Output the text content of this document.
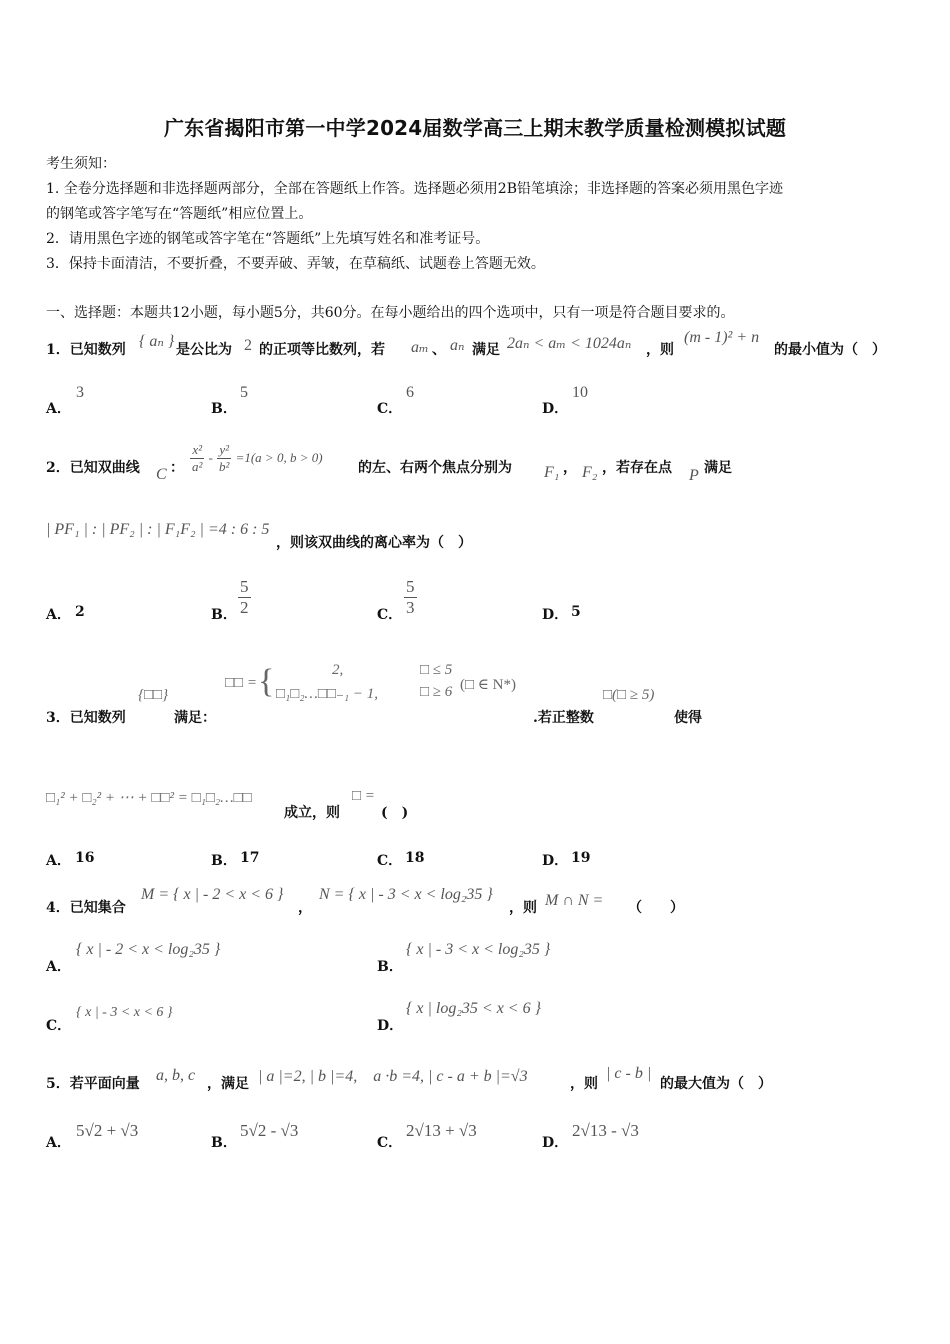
广东省揭阳市第一中学2024届数学高三上期末教学质量检测模拟试题
考生须知：
1. 全卷分选择题和非选择题两部分，全部在答题纸上作答。选择题必须用2B铅笔填涂；非选择题的答案必须用黑色字迹
的钢笔或答字笔写在“答题纸”相应位置上。
2．请用黑色字迹的钢笔或答字笔在“答题纸”上先填写姓名和准考证号。
3．保持卡面清洁，不要折叠，不要弄破、弄皱，在草稿纸、试题卷上答题无效。
一、选择题：本题共12小题，每小题5分，共60分。在每小题给出的四个选项中，只有一项是符合题目要求的。
1．已知数列 { aₙ } 是公比为 2 的正项等比数列，若 aₘ 、 aₙ 满足 2aₙ < aₘ < 1024aₙ ，则
(m - 1)² + n
的最小值为（　）
A．
3
B．
5
C．
6
D．
10
2．已知双曲线 C ： $\frac{\text{x²}}{\text{a²}} - \frac{\text{y²}}{\text{b²}} =1(a > 0$, b > 0)
的左、右两个焦点分别为 F₁ ， F₂ ，若存在点 P 满足
| PF₁ | : | PF₂ | : | F₁F₂ | =4 : 6 : 5
，则该双曲线的离心率为（　）
A． 2	B． $\frac{5}{2}$	C． $\frac{5}{3}$	D． 5
3．已知数列
{□□}
满足：
□□ = {	2,	□ ≤ 5
□₁□₂…□□₋₁ − 1,	□ ≥ 6 (□ ∈ N*)
.若正整数
□(□ ≥ 5)
使得
□₁² + □₂² + ⋯ + □□² = □₁□₂…□□
成立，则
□ =
(　)
A． 16	B． 17	C． 18	D． 19
4．已知集合
M = { x | - 2 < x < 6 }
，
N = { x | - 3 < x < log₂35 }
，则 M ∩ N = （　　）
A．
{ x | - 2 < x < log₂35 }
B．
{ x | - 3 < x < log₂35 }
C．
{ x | - 3 < x < 6 }
D．
{ x | log₂35 < x < 6 }
5．若平面向量 a, b, c ，满足 | a |=2, | b |=4,　a ·b =4, | c - a + b |=√3	，则
| c - b |
的最大值为（　）
A．
5√2 + √3
B．
5√2 - √3
C．
2√13 + √3
D．
2√13 - √3
